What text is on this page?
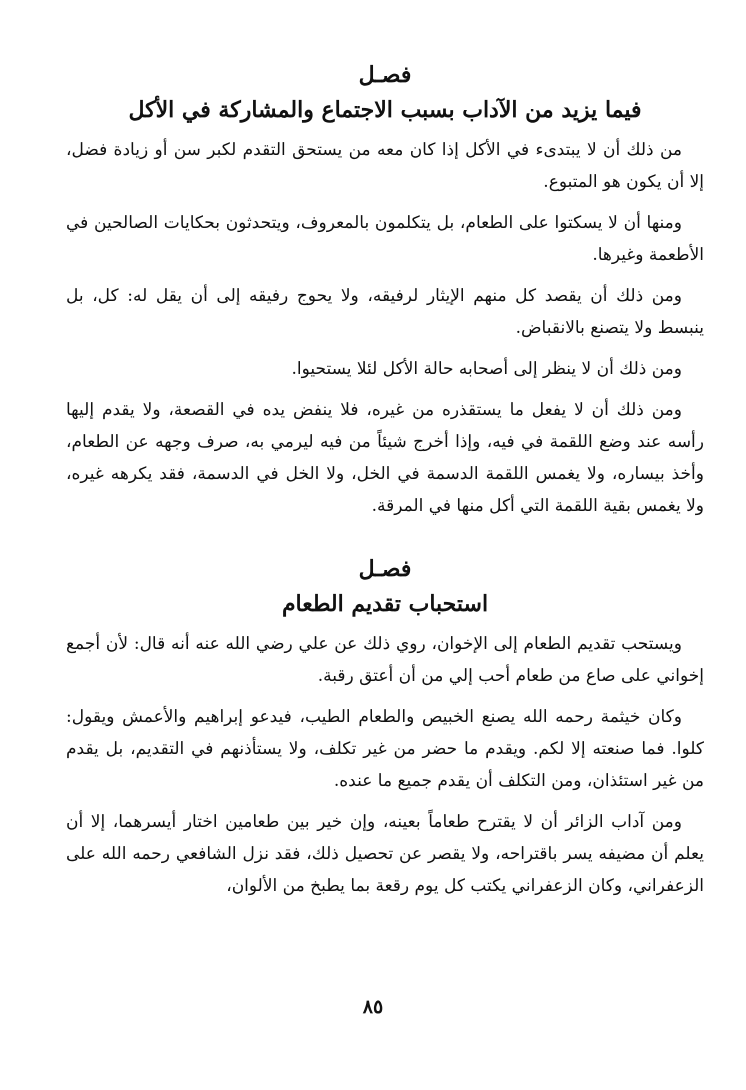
فصـل
فيما يزيد من الآداب بسبب الاجتماع والمشاركة في الأكل

من ذلك أن لا يبتدىء في الأكل إذا كان معه من يستحق التقدم لكبر سن أو زيادة فضل، إلا أن يكون هو المتبوع.

ومنها أن لا يسكتوا على الطعام، بل يتكلمون بالمعروف، ويتحدثون بحكايات الصالحين في الأطعمة وغيرها.

ومن ذلك أن يقصد كل منهم الإيثار لرفيقه، ولا يحوج رفيقه إلى أن يقل له: كل، بل ينبسط ولا يتصنع بالانقباض.

ومن ذلك أن لا ينظر إلى أصحابه حالة الأكل لئلا يستحيوا.

ومن ذلك أن لا يفعل ما يستقذره من غيره، فلا ينفض يده في القصعة، ولا يقدم إليها رأسه عند وضع اللقمة في فيه، وإذا أخرج شيئاً من فيه ليرمي به، صرف وجهه عن الطعام، وأخذ بيساره، ولا يغمس اللقمة الدسمة في الخل، ولا الخل في الدسمة، فقد يكرهه غيره، ولا يغمس بقية اللقمة التي أكل منها في المرقة.

فصـل
استحباب تقديم الطعام

ويستحب تقديم الطعام إلى الإخوان، روي ذلك عن علي رضي الله عنه أنه قال: لأن أجمع إخواني على صاع من طعام أحب إلي من أن أعتق رقبة.

وكان خيثمة رحمه الله يصنع الخبيص والطعام الطيب، فيدعو إبراهيم والأعمش ويقول: كلوا. فما صنعته إلا لكم. ويقدم ما حضر من غير تكلف، ولا يستأذنهم في التقديم، بل يقدم من غير استئذان، ومن التكلف أن يقدم جميع ما عنده.

ومن آداب الزائر أن لا يقترح طعاماً بعينه، وإن خير بين طعامين اختار أيسرهما، إلا أن يعلم أن مضيفه يسر باقتراحه، ولا يقصر عن تحصيل ذلك، فقد نزل الشافعي رحمه الله على الزعفراني، وكان الزعفراني يكتب كل يوم رقعة بما يطبخ من الألوان،

٨٥
